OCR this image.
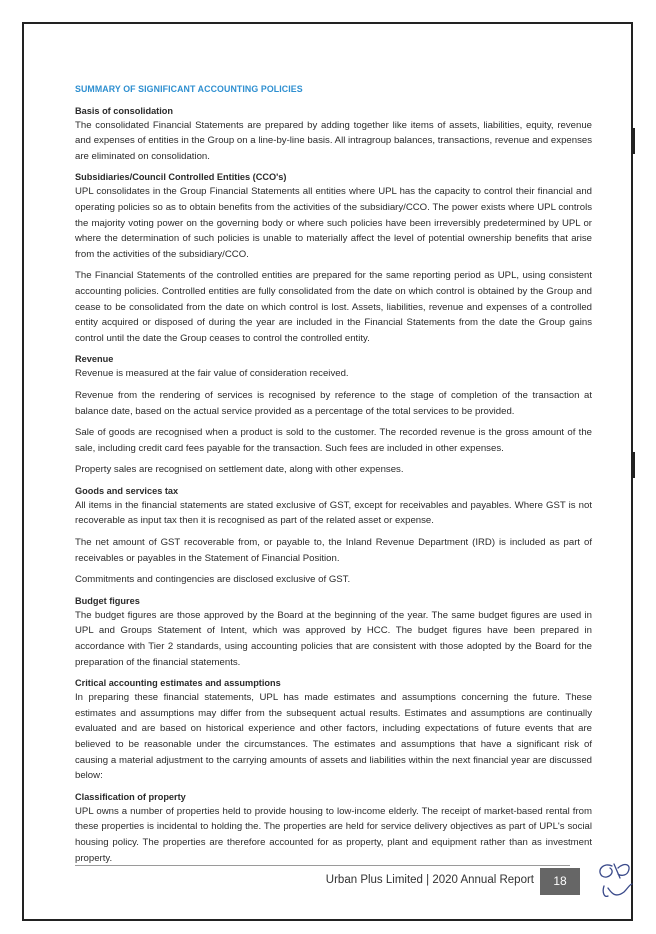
SUMMARY OF SIGNIFICANT ACCOUNTING POLICIES
Basis of consolidation

The consolidated Financial Statements are prepared by adding together like items of assets, liabilities, equity, revenue and expenses of entities in the Group on a line-by-line basis. All intragroup balances, transactions, revenue and expenses are eliminated on consolidation.

Subsidiaries/Council Controlled Entities (CCO's)

UPL consolidates in the Group Financial Statements all entities where UPL has the capacity to control their financial and operating policies so as to obtain benefits from the activities of the subsidiary/CCO. The power exists where UPL controls the majority voting power on the governing body or where such policies have been irreversibly predetermined by UPL or where the determination of such policies is unable to materially affect the level of potential ownership benefits that arise from the activities of the subsidiary/CCO.

The Financial Statements of the controlled entities are prepared for the same reporting period as UPL, using consistent accounting policies. Controlled entities are fully consolidated from the date on which control is obtained by the Group and cease to be consolidated from the date on which control is lost. Assets, liabilities, revenue and expenses of a controlled entity acquired or disposed of during the year are included in the Financial Statements from the date the Group gains control until the date the Group ceases to control the controlled entity.

Revenue

Revenue is measured at the fair value of consideration received.

Revenue from the rendering of services is recognised by reference to the stage of completion of the transaction at balance date, based on the actual service provided as a percentage of the total services to be provided.

Sale of goods are recognised when a product is sold to the customer. The recorded revenue is the gross amount of the sale, including credit card fees payable for the transaction. Such fees are included in other expenses.

Property sales are recognised on settlement date, along with other expenses.

Goods and services tax

All items in the financial statements are stated exclusive of GST, except for receivables and payables. Where GST is not recoverable as input tax then it is recognised as part of the related asset or expense.

The net amount of GST recoverable from, or payable to, the Inland Revenue Department (IRD) is included as part of receivables or payables in the Statement of Financial Position.

Commitments and contingencies are disclosed exclusive of GST.

Budget figures

The budget figures are those approved by the Board at the beginning of the year. The same budget figures are used in UPL and Groups Statement of Intent, which was approved by HCC. The budget figures have been prepared in accordance with Tier 2 standards, using accounting policies that are consistent with those adopted by the Board for the preparation of the financial statements.

Critical accounting estimates and assumptions

In preparing these financial statements, UPL has made estimates and assumptions concerning the future. These estimates and assumptions may differ from the subsequent actual results. Estimates and assumptions are continually evaluated and are based on historical experience and other factors, including expectations of future events that are believed to be reasonable under the circumstances. The estimates and assumptions that have a significant risk of causing a material adjustment to the carrying amounts of assets and liabilities within the next financial year are discussed below:

Classification of property

UPL owns a number of properties held to provide housing to low-income elderly. The receipt of market-based rental from these properties is incidental to holding the. The properties are held for service delivery objectives as part of UPL's social housing policy. The properties are therefore accounted for as property, plant and equipment rather than as investment property.

Urban Plus Limited | 2020 Annual Report	18
